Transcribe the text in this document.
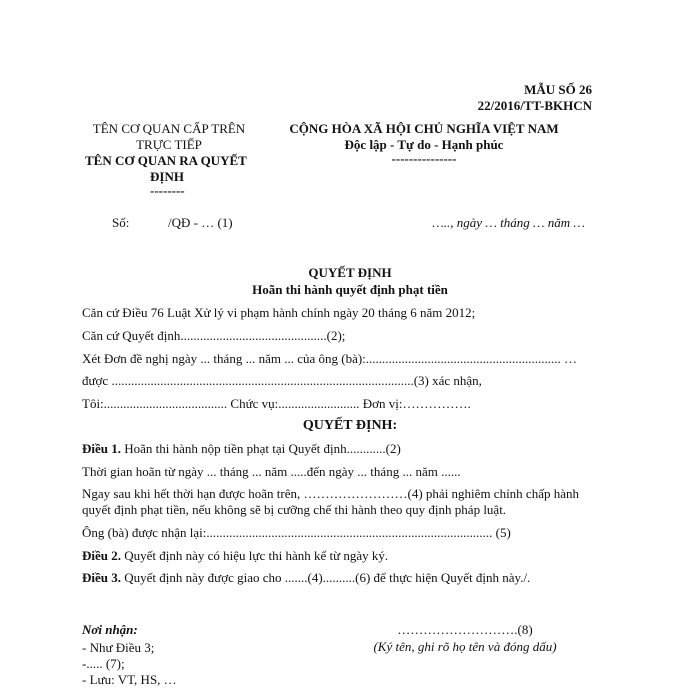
MẪU SỐ 26
22/2016/TT-BKHCN
TÊN CƠ QUAN CẤP TRÊN
TRỰC TIẾP
TÊN CƠ QUAN RA QUYẾT
ĐỊNH
--------
CỘNG HÒA XÃ HỘI CHỦ NGHĨA VIỆT NAM
Độc lập - Tự do - Hạnh phúc
---------------
Số:	/QĐ - … (1)	….., ngày … tháng … năm …
QUYẾT ĐỊNH
Hoãn thi hành quyết định phạt tiền
Căn cứ Điều 76 Luật Xử lý vi phạm hành chính ngày 20 tháng 6 năm 2012;
Căn cứ Quyết định.............................................(2);
Xét Đơn đề nghị ngày ... tháng ... năm ... của ông (bà):............................................................ …
được .............................................................................................(3) xác nhận,
Tôi:...................................... Chức vụ:......................... Đơn vị:…………….
QUYẾT ĐỊNH:
Điều 1. Hoãn thi hành nộp tiền phạt tại Quyết định............(2)
Thời gian hoãn từ ngày ... tháng ... năm .....đến ngày ... tháng ... năm ......
Ngay sau khi hết thời hạn được hoãn trên, ……………………(4) phải nghiêm chỉnh chấp hành
quyết định phạt tiền, nếu không sẽ bị cưỡng chế thi hành theo quy định pháp luật.
Ông (bà) được nhận lại:........................................................................................ (5)
Điều 2. Quyết định này có hiệu lực thi hành kể từ ngày ký.
Điều 3. Quyết định này được giao cho .......(4)..........(6) để thực hiện Quyết định này./.
Nơi nhận:
- Như Điều 3;
-..... (7);
- Lưu: VT, HS, …
……………………….(8)
(Ký tên, ghi rõ họ tên và đóng dấu)
